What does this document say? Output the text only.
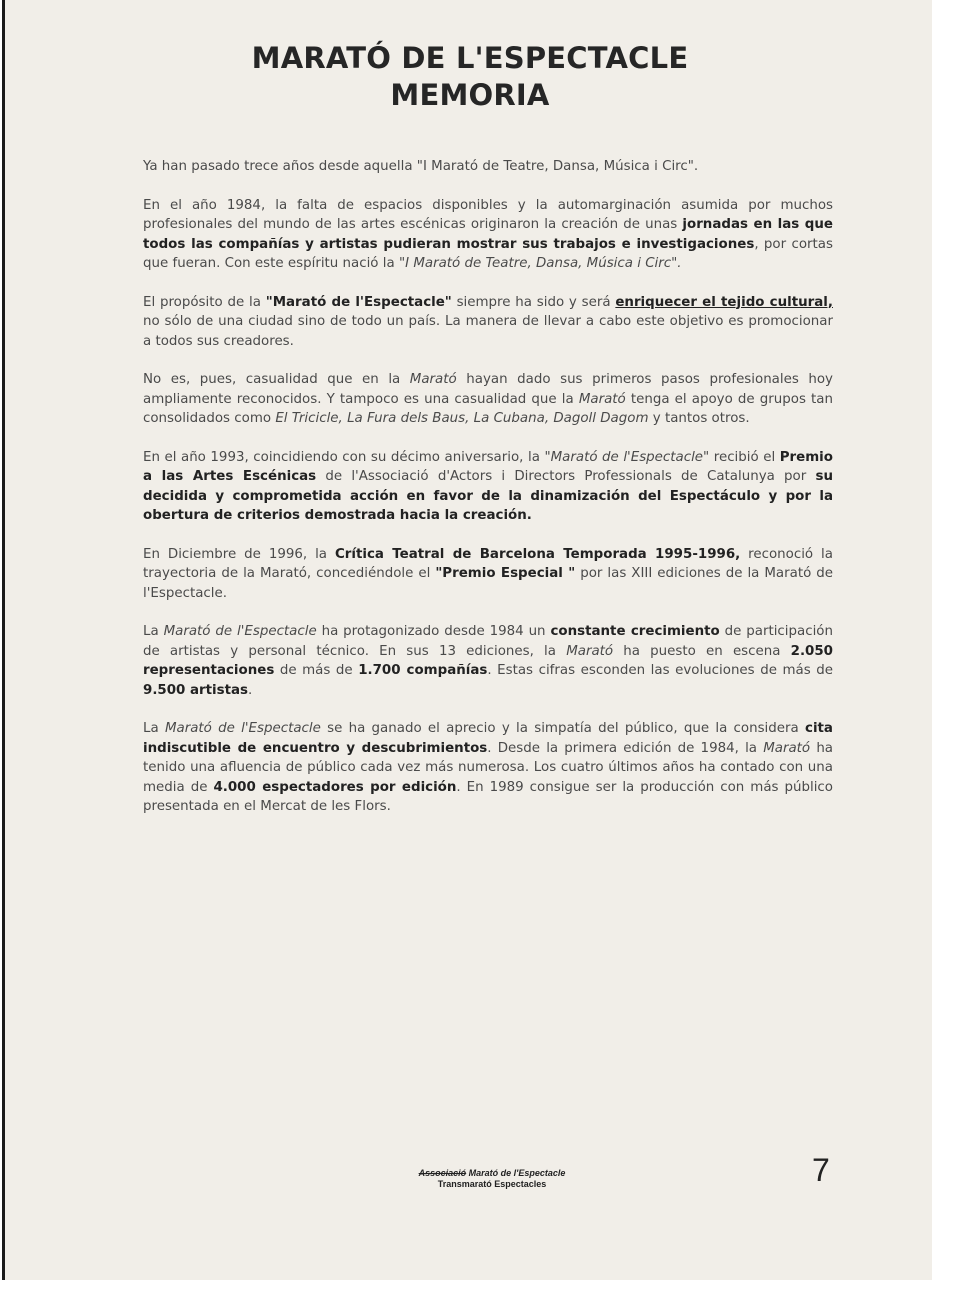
MARATÓ DE L'ESPECTACLE
MEMORIA

Ya han pasado trece años desde aquella "I Marató de Teatre, Dansa, Música i Circ".

En el año 1984, la falta de espacios disponibles y la automarginación asumida por muchos profesionales del mundo de las artes escénicas originaron la creación de unas jornadas en las que todos las compañías y artistas pudieran mostrar sus trabajos e investigaciones, por cortas que fueran. Con este espíritu nació la "I Marató de Teatre, Dansa, Música i Circ".

El propósito de la "Marató de l'Espectacle" siempre ha sido y será enriquecer el tejido cultural, no sólo de una ciudad sino de todo un país. La manera de llevar a cabo este objetivo es promocionar a todos sus creadores.

No es, pues, casualidad que en la Marató hayan dado sus primeros pasos profesionales hoy ampliamente reconocidos. Y tampoco es una casualidad que la Marató tenga el apoyo de grupos tan consolidados como El Tricicle, La Fura dels Baus, La Cubana, Dagoll Dagom y tantos otros.

En el año 1993, coincidiendo con su décimo aniversario, la "Marató de l'Espectacle" recibió el Premio a las Artes Escénicas de l'Associació d'Actors i Directors Professionals de Catalunya por su decidida y comprometida acción en favor de la dinamización del Espectáculo y por la obertura de criterios demostrada hacia la creación.

En Diciembre de 1996, la Crítica Teatral de Barcelona Temporada 1995-1996, reconoció la trayectoria de la Marató, concediéndole el "Premio Especial " por las XIII ediciones de la Marató de l'Espectacle.

La Marató de l'Espectacle ha protagonizado desde 1984 un constante crecimiento de participación de artistas y personal técnico. En sus 13 ediciones, la Marató ha puesto en escena 2.050 representaciones de más de 1.700 compañías. Estas cifras esconden las evoluciones de más de 9.500 artistas.

La Marató de l'Espectacle se ha ganado el aprecio y la simpatía del público, que la considera cita indiscutible de encuentro y descubrimientos. Desde la primera edición de 1984, la Marató ha tenido una afluencia de público cada vez más numerosa. Los cuatro últimos años ha contado con una media de 4.000 espectadores por edición. En 1989 consigue ser la producción con más público presentada en el Mercat de les Flors.

Associació Marató de l'Espectacle
Transmarató Espectacles	7
